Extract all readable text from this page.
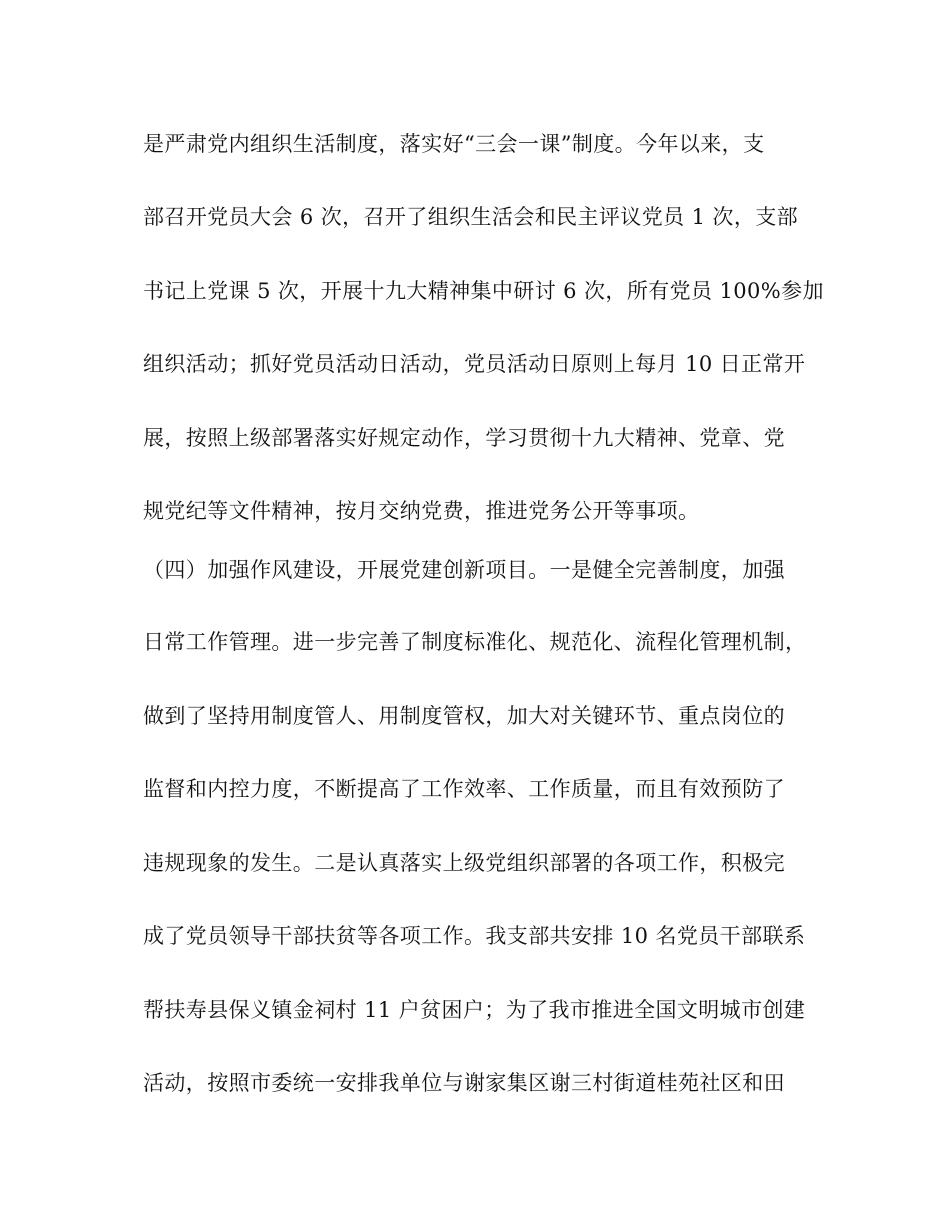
是严肃党内组织生活制度，落实好“三会一课”制度。今年以来，支
部召开党员大会 6 次，召开了组织生活会和民主评议党员 1 次，支部
书记上党课 5 次，开展十九大精神集中研讨 6 次，所有党员 100%参加
组织活动；抓好党员活动日活动，党员活动日原则上每月 10 日正常开
展，按照上级部署落实好规定动作，学习贯彻十九大精神、党章、党
规党纪等文件精神，按月交纳党费，推进党务公开等事项。
（四）加强作风建设，开展党建创新项目。一是健全完善制度，加强
日常工作管理。进一步完善了制度标准化、规范化、流程化管理机制，
做到了坚持用制度管人、用制度管权，加大对关键环节、重点岗位的
监督和内控力度，不断提高了工作效率、工作质量，而且有效预防了
违规现象的发生。二是认真落实上级党组织部署的各项工作，积极完
成了党员领导干部扶贫等各项工作。我支部共安排 10 名党员干部联系
帮扶寿县保义镇金祠村 11 户贫困户；为了我市推进全国文明城市创建
活动，按照市委统一安排我单位与谢家集区谢三村街道桂苑社区和田
